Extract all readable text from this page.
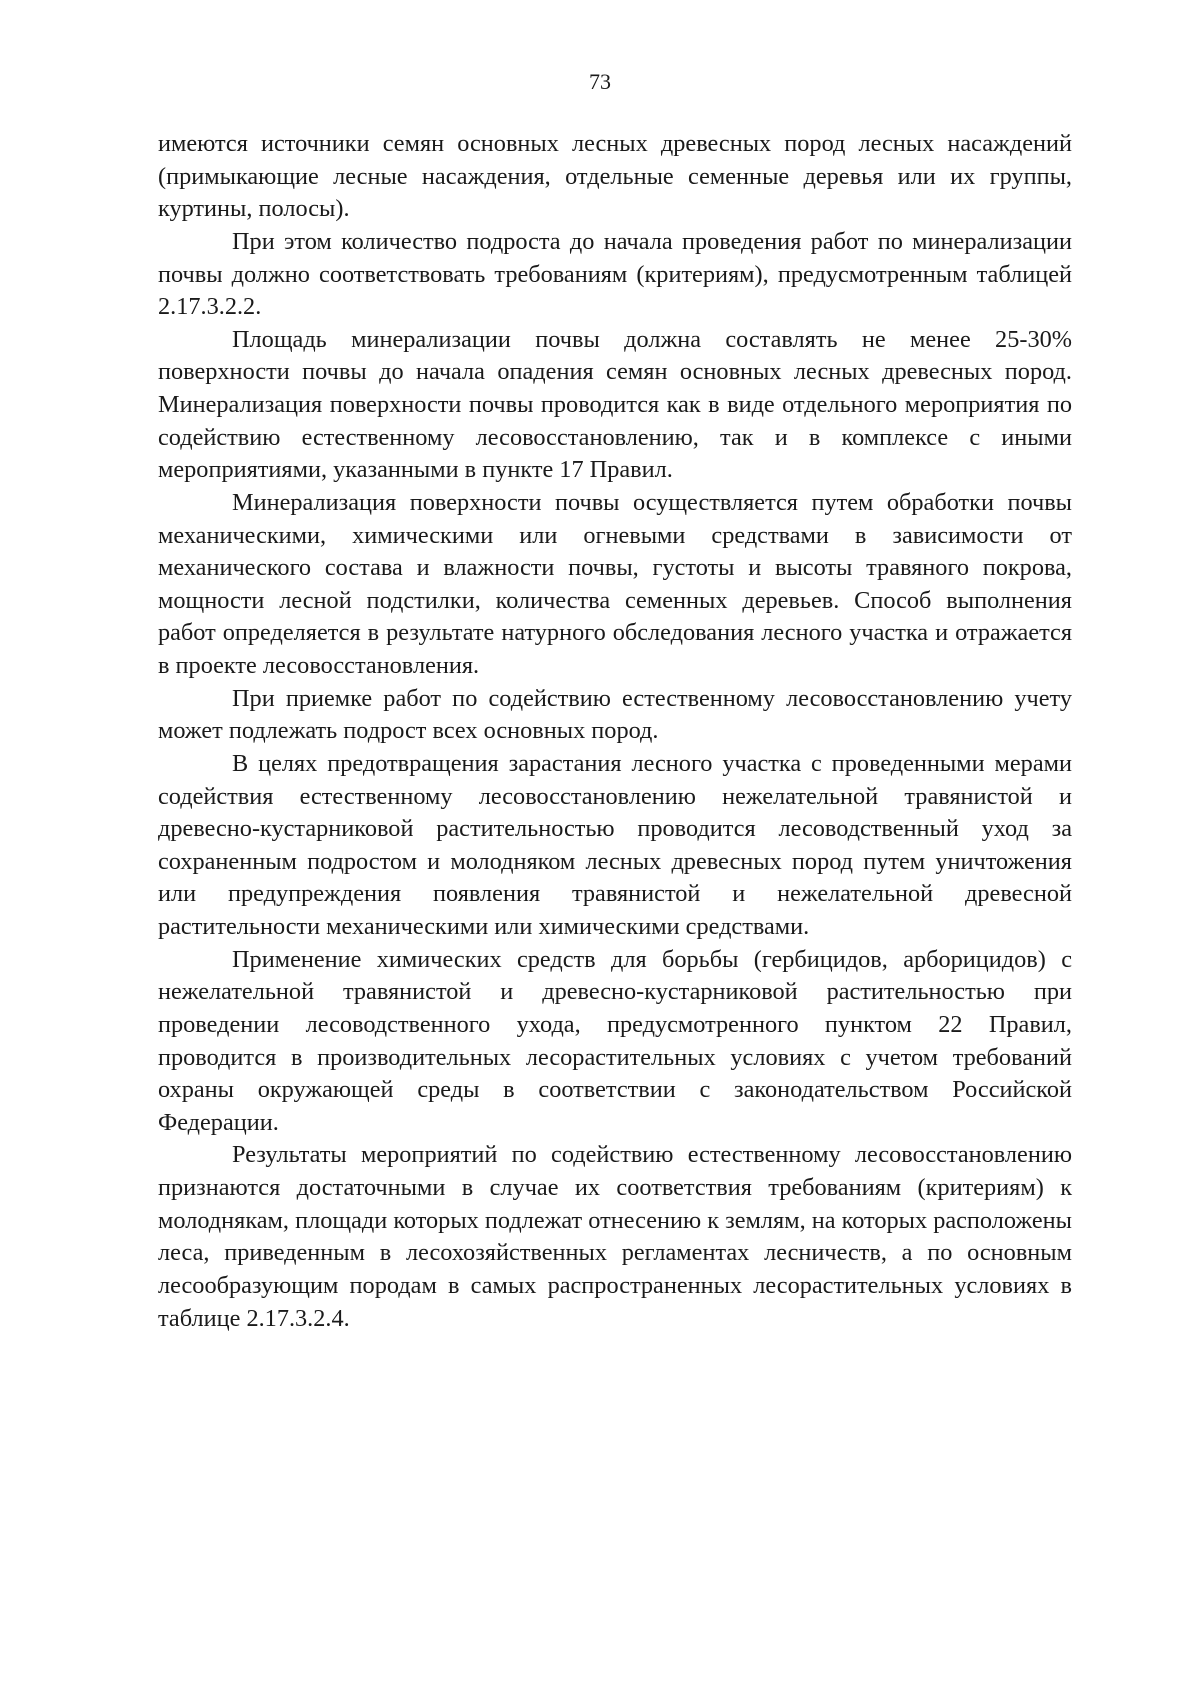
73

имеются источники семян основных лесных древесных пород лесных насаждений (примыкающие лесные насаждения, отдельные семенные деревья или их группы, куртины, полосы).

При этом количество подроста до начала проведения работ по минерализации почвы должно соответствовать требованиям (критериям), предусмотренным таблицей 2.17.3.2.2.

Площадь минерализации почвы должна составлять не менее 25-30% поверхности почвы до начала опадения семян основных лесных древесных пород. Минерализация поверхности почвы проводится как в виде отдельного мероприятия по содействию естественному лесовосстановлению, так и в комплексе с иными мероприятиями, указанными в пункте 17 Правил.

Минерализация поверхности почвы осуществляется путем обработки почвы механическими, химическими или огневыми средствами в зависимости от механического состава и влажности почвы, густоты и высоты травяного покрова, мощности лесной подстилки, количества семенных деревьев. Способ выполнения работ определяется в результате натурного обследования лесного участка и отражается в проекте лесовосстановления.

При приемке работ по содействию естественному лесовосстановлению учету может подлежать подрост всех основных пород.

В целях предотвращения зарастания лесного участка с проведенными мерами содействия естественному лесовосстановлению нежелательной травянистой и древесно-кустарниковой растительностью проводится лесоводственный уход за сохраненным подростом и молодняком лесных древесных пород путем уничтожения или предупреждения появления травянистой и нежелательной древесной растительности механическими или химическими средствами.

Применение химических средств для борьбы (гербицидов, арборицидов) с нежелательной травянистой и древесно-кустарниковой растительностью при проведении лесоводственного ухода, предусмотренного пунктом 22 Правил, проводится в производительных лесорастительных условиях с учетом требований охраны окружающей среды в соответствии с законодательством Российской Федерации.

Результаты мероприятий по содействию естественному лесовосстановлению признаются достаточными в случае их соответствия требованиям (критериям) к молоднякам, площади которых подлежат отнесению к землям, на которых расположены леса, приведенным в лесохозяйственных регламентах лесничеств, а по основным лесообразующим породам в самых распространенных лесорастительных условиях в таблице 2.17.3.2.4.
